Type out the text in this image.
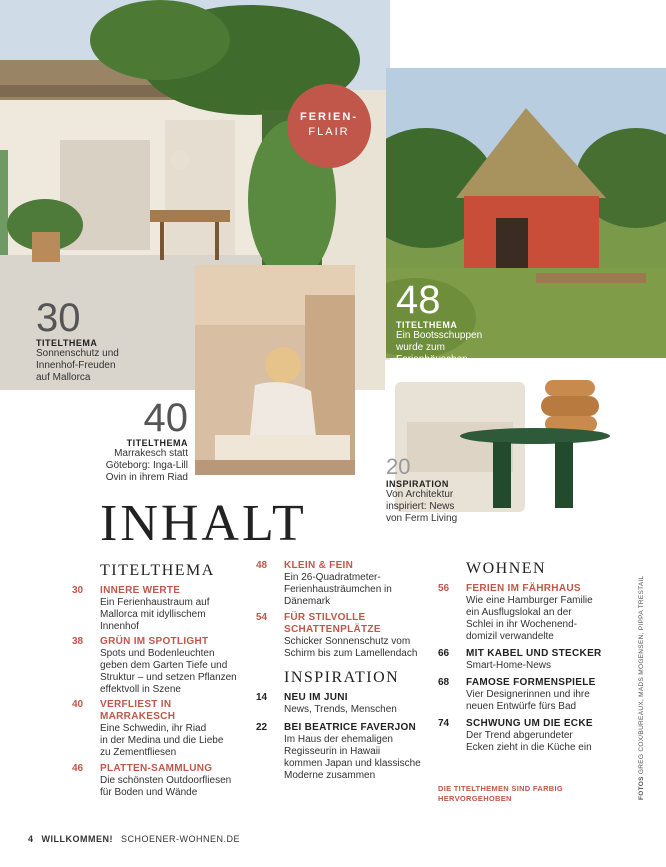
FERIEN-
FLAIR
30
TITELTHEMA
Sonnenschutz und
Innenhof-Freuden
auf Mallorca
40
TITELTHEMA
Marrakesch statt
Göteborg: Inga-Lill
Ovin in ihrem Riad
48
TITELTHEMA
Ein Bootsschuppen
wurde zum
Ferienhäuschen
20
INSPIRATION
Von Architektur
inspiriert: News
von Ferm Living
INHALT
TITELTHEMA
30	INNERE WERTE
Ein Ferienhaustraum auf
Mallorca mit idyllischem
Innenhof
38	GRÜN IM SPOTLIGHT
Spots und Bodenleuchten
geben dem Garten Tiefe und
Struktur – und setzen Pflanzen
effektvoll in Szene
40	VERFLIEST IN
MARRAKESCH
Eine Schwedin, ihr Riad
in der Medina und die Liebe
zu Zementfliesen
46	PLATTEN-SAMMLUNG
Die schönsten Outdoorfliesen
für Boden und Wände
48	KLEIN & FEIN
Ein 26-Quadratmeter-
Ferienhausträumchen in
Dänemark
54	FÜR STILVOLLE
SCHATTENPLÄTZE
Schicker Sonnenschutz vom
Schirm bis zum Lamellendach
INSPIRATION
14	NEU IM JUNI
News, Trends, Menschen
22	BEI BEATRICE FAVERJON
Im Haus der ehemaligen
Regisseurin in Hawaii
kommen Japan und klassische
Moderne zusammen
WOHNEN
56	FERIEN IM FÄHRHAUS
Wie eine Hamburger Familie
ein Ausflugslokal an der
Schlei in ihr Wochenend-
domizil verwandelte
66	MIT KABEL UND STECKER
Smart-Home-News
68	FAMOSE FORMENSPIELE
Vier Designerinnen und ihre
neuen Entwürfe fürs Bad
74	SCHWUNG UM DIE ECKE
Der Trend abgerundeter
Ecken zieht in die Küche ein
DIE TITELTHEMEN SIND FARBIG
HERVORGEHOBEN	FOTOS GREG COX/BUREAUX, MADS MOGENSEN, PIPPA TRESTAIL
4 WILLKOMMEN! SCHOENER-WOHNEN.DE
